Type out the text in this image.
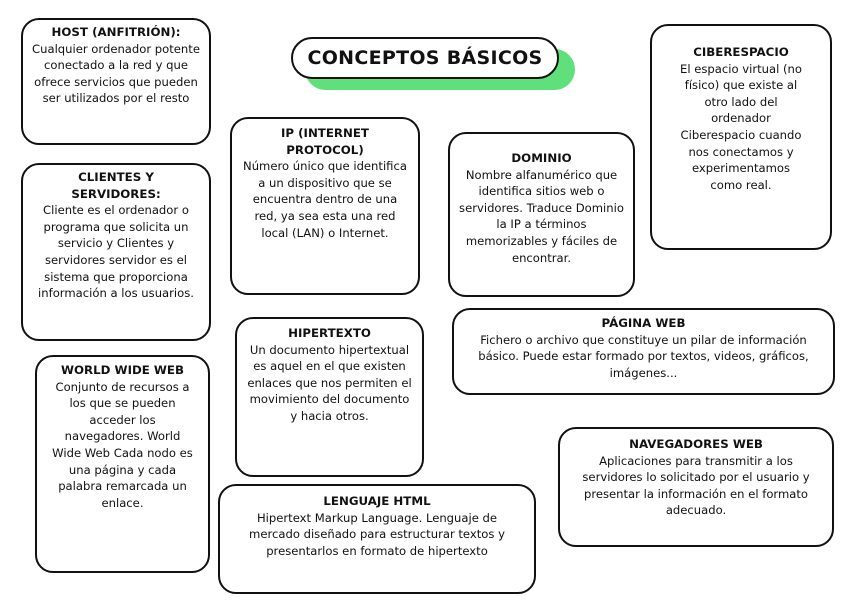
CONCEPTOS BÁSICOS
HOST (ANFITRIÓN):
Cualquier ordenador potente conectado a la red y que ofrece servicios que pueden ser utilizados por el resto
CLIENTES Y SERVIDORES:
Cliente es el ordenador o programa que solicita un servicio y Clientes y servidores servidor es el sistema que proporciona información a los usuarios.
WORLD WIDE WEB
Conjunto de recursos a los que se pueden acceder los navegadores. World Wide Web Cada nodo es una página y cada palabra remarcada un enlace.
IP (INTERNET PROTOCOL)
Número único que identifica a un dispositivo que se encuentra dentro de una red, ya sea esta una red local (LAN) o Internet.
HIPERTEXTO
Un documento hipertextual es aquel en el que existen enlaces que nos permiten el movimiento del documento y hacia otros.
LENGUAJE HTML
Hipertext Markup Language. Lenguaje de mercado diseñado para estructurar textos y presentarlos en formato de hipertexto
DOMINIO
Nombre alfanumérico que identifica sitios web o servidores. Traduce Dominio la IP a términos memorizables y fáciles de encontrar.
CIBERESPACIO
El espacio virtual (no físico) que existe al otro lado del ordenador Ciberespacio cuando nos conectamos y experimentamos como real.
PÁGINA WEB
Fichero o archivo que constituye un pilar de información básico. Puede estar formado por textos, videos, gráficos, imágenes...
NAVEGADORES WEB
Aplicaciones para transmitir a los servidores lo solicitado por el usuario y presentar la información en el formato adecuado.
